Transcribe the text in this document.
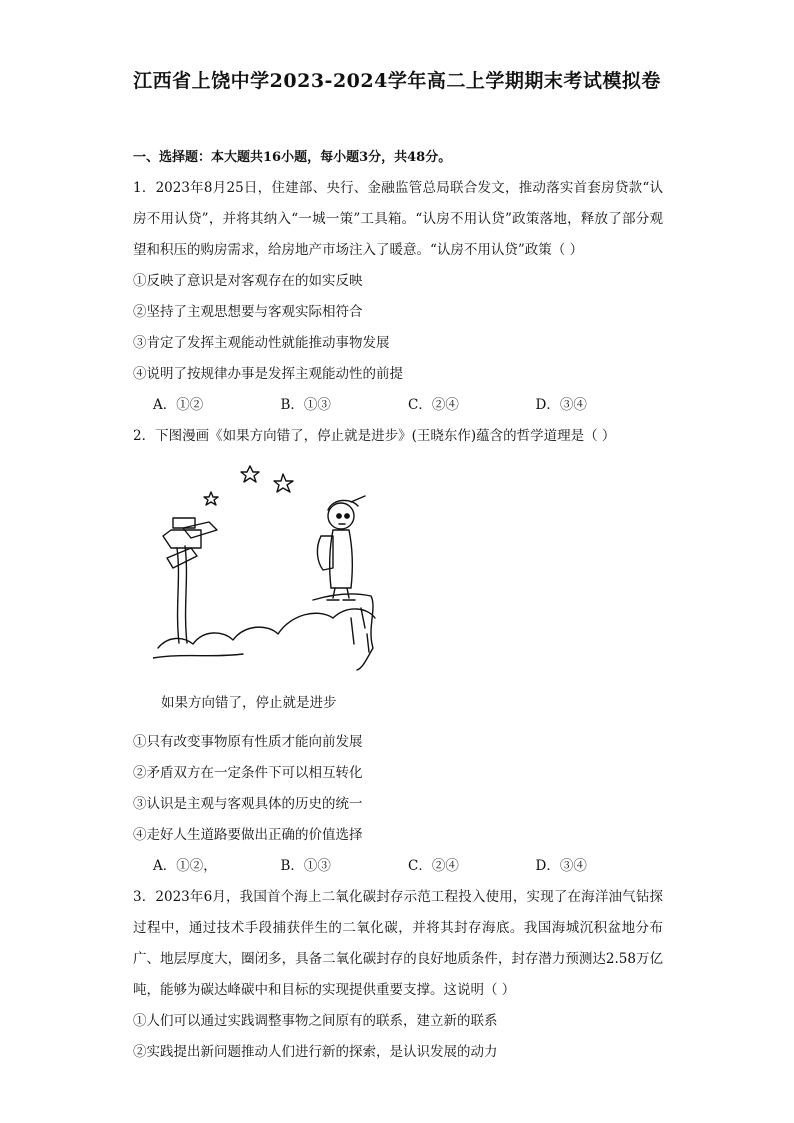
江西省上饶中学2023-2024学年高二上学期期末考试模拟卷

一、选择题：本大题共16小题，每小题3分，共48分。

1．2023年8月25日，住建部、央行、金融监管总局联合发文，推动落实首套房贷款“认房不用认贷”，并将其纳入“一城一策”工具箱。“认房不用认贷”政策落地，释放了部分观望和积压的购房需求，给房地产市场注入了暖意。“认房不用认贷”政策（ ）

①反映了意识是对客观存在的如实反映

②坚持了主观思想要与客观实际相符合

③肯定了发挥主观能动性就能推动事物发展

④说明了按规律办事是发挥主观能动性的前提

A．①②	B．①③	C．②④	D．③④

2．下图漫画《如果方向错了，停止就是进步》(王晓东作)蕴含的哲学道理是（ ）

如果方向错了，停止就是进步

①只有改变事物原有性质才能向前发展

②矛盾双方在一定条件下可以相互转化

③认识是主观与客观具体的历史的统一

④走好人生道路要做出正确的价值选择

A．①②，	B．①③	C．②④	D．③④

3．2023年6月，我国首个海上二氧化碳封存示范工程投入使用，实现了在海洋油气钻探过程中，通过技术手段捕获伴生的二氧化碳，并将其封存海底。我国海城沉积盆地分布广、地层厚度大，圈闭多，具备二氧化碳封存的良好地质条件，封存潜力预测达2.58万亿吨，能够为碳达峰碳中和目标的实现提供重要支撑。这说明（ ）

①人们可以通过实践调整事物之间原有的联系，建立新的联系

②实践提出新问题推动人们进行新的探索，是认识发展的动力
